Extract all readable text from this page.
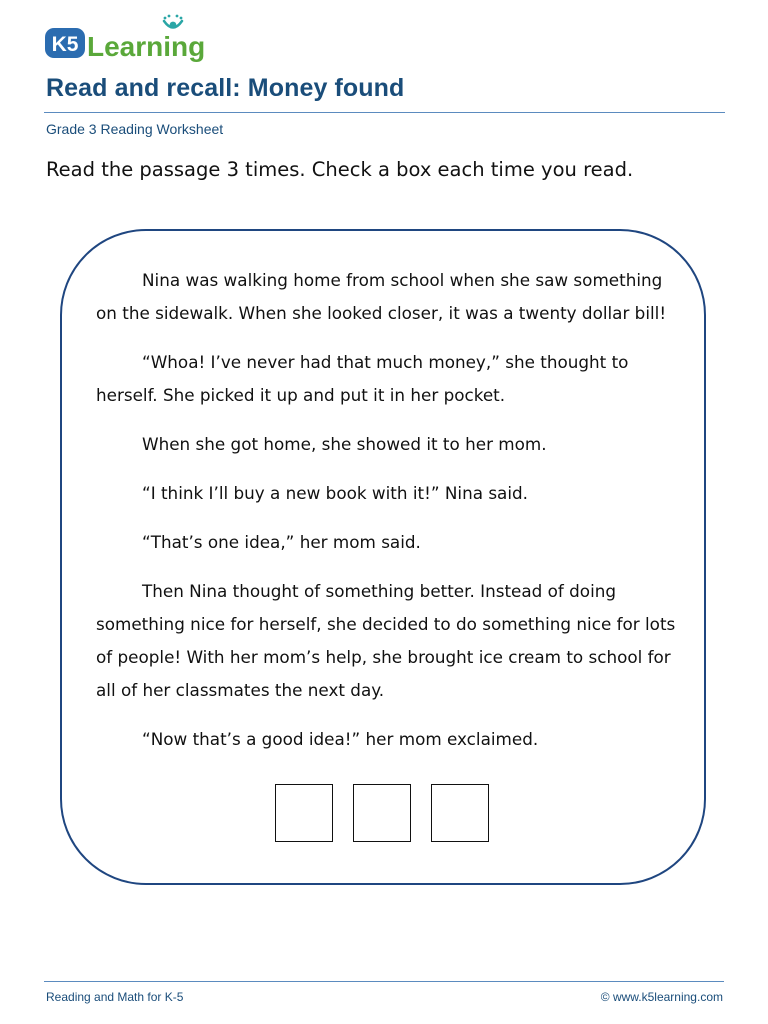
K5 Learning
Read and recall: Money found
Grade 3 Reading Worksheet
Read the passage 3 times. Check a box each time you read.

Nina was walking home from school when she saw something on the sidewalk. When she looked closer, it was a twenty dollar bill!

“Whoa! I’ve never had that much money,” she thought to herself. She picked it up and put it in her pocket.

When she got home, she showed it to her mom.

“I think I’ll buy a new book with it!” Nina said.

“That’s one idea,” her mom said.

Then Nina thought of something better. Instead of doing something nice for herself, she decided to do something nice for lots of people! With her mom’s help, she brought ice cream to school for all of her classmates the next day.

“Now that’s a good idea!” her mom exclaimed.

Reading and Math for K-5	© www.k5learning.com
